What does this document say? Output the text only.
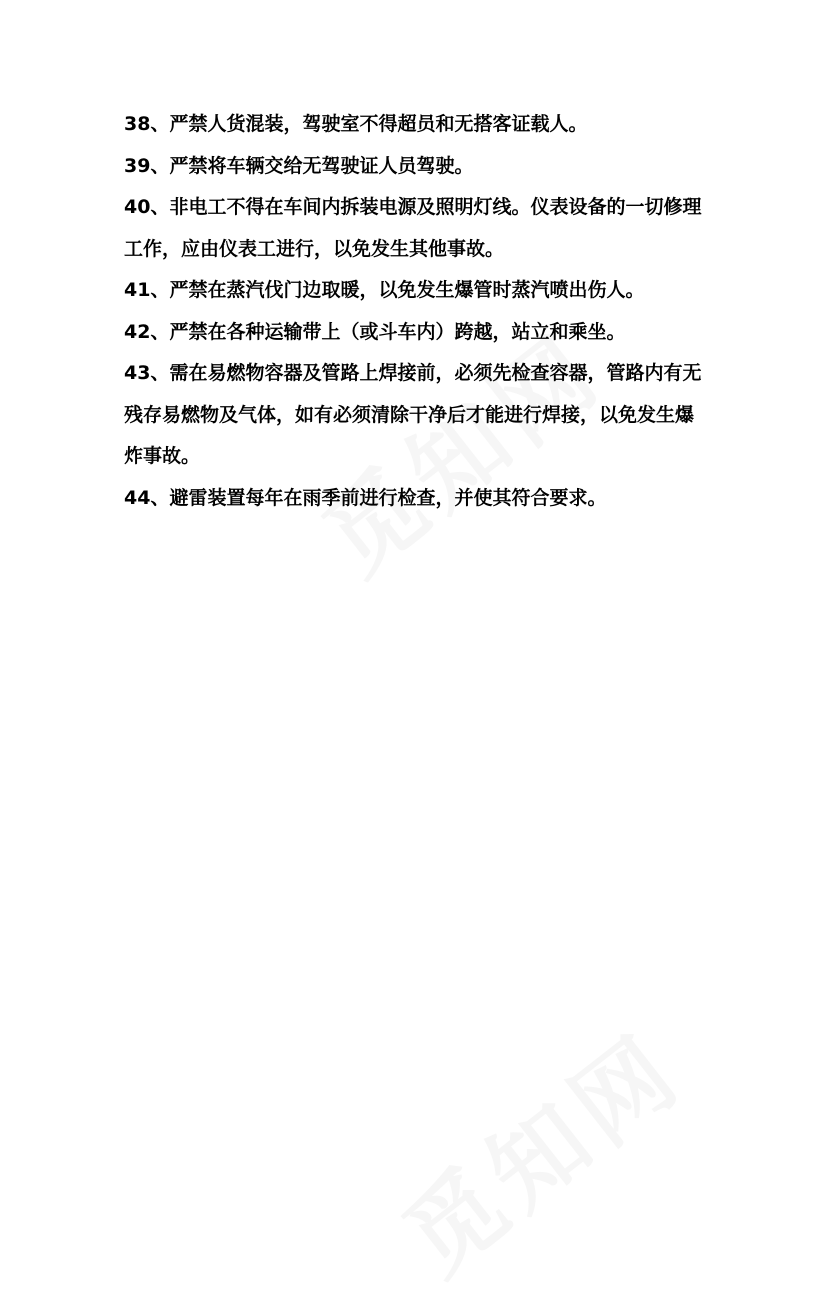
38、严禁人货混装，驾驶室不得超员和无搭客证载人。
39、严禁将车辆交给无驾驶证人员驾驶。
40、非电工不得在车间内拆装电源及照明灯线。仪表设备的一切修理
工作，应由仪表工进行，以免发生其他事故。
41、严禁在蒸汽伐门边取暖，以免发生爆管时蒸汽喷出伤人。
42、严禁在各种运输带上（或斗车内）跨越，站立和乘坐。
43、需在易燃物容器及管路上焊接前，必须先检查容器，管路内有无
残存易燃物及气体，如有必须清除干净后才能进行焊接，以免发生爆
炸事故。
44、避雷装置每年在雨季前进行检查，并使其符合要求。
